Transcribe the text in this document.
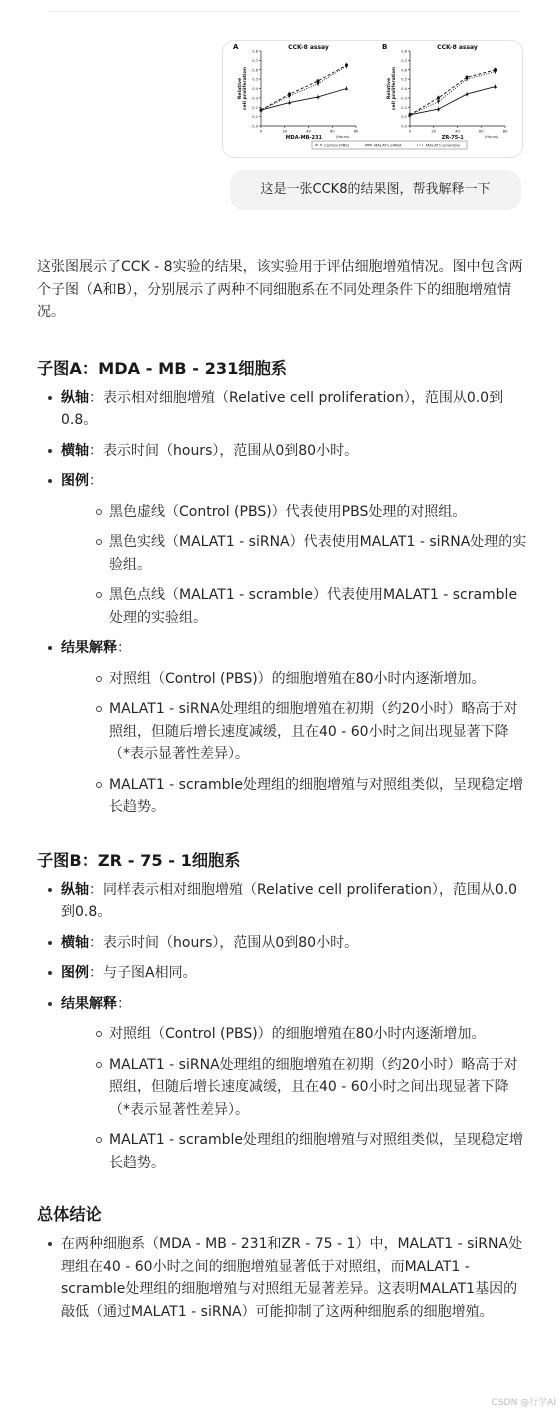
A	CCK-8 assay
0.0
0.1
0.2
0.3
0.4
0.5
0.6
0.7
0.8
0	20	40	60	80
Relative cell proliferation
MDA-MB-231	(Hours)
B	CCK-8 assay
0.0
0.1
0.2
0.3
0.4
0.5
0.6
0.7
0.8
0	20	40	60	80
Relative cell proliferation
ZR-75-1	(Hours)
Control (PBS)	MALAT1-siRNA	MALAT1-scramble
这是一张CCK8的结果图，帮我解释一下

这张图展示了CCK - 8实验的结果，该实验用于评估细胞增殖情况。图中包含两个子图（A和B），分别展示了两种不同细胞系在不同处理条件下的细胞增殖情况。

子图A：MDA - MB - 231细胞系
纵轴：表示相对细胞增殖（Relative cell proliferation），范围从0.0到0.8。
横轴：表示时间（hours），范围从0到80小时。
图例：
黑色虚线（Control (PBS)）代表使用PBS处理的对照组。
黑色实线（MALAT1 - siRNA）代表使用MALAT1 - siRNA处理的实验组。
黑色点线（MALAT1 - scramble）代表使用MALAT1 - scramble处理的实验组。
结果解释：
对照组（Control (PBS)）的细胞增殖在80小时内逐渐增加。
MALAT1 - siRNA处理组的细胞增殖在初期（约20小时）略高于对照组，但随后增长速度减缓，且在40 - 60小时之间出现显著下降（*表示显著性差异）。
MALAT1 - scramble处理组的细胞增殖与对照组类似，呈现稳定增长趋势。
子图B：ZR - 75 - 1细胞系
纵轴：同样表示相对细胞增殖（Relative cell proliferation），范围从0.0到0.8。
横轴：表示时间（hours），范围从0到80小时。
图例：与子图A相同。
结果解释：
对照组（Control (PBS)）的细胞增殖在80小时内逐渐增加。
MALAT1 - siRNA处理组的细胞增殖在初期（约20小时）略高于对照组，但随后增长速度减缓，且在40 - 60小时之间出现显著下降（*表示显著性差异）。
MALAT1 - scramble处理组的细胞增殖与对照组类似，呈现稳定增长趋势。
总体结论
在两种细胞系（MDA - MB - 231和ZR - 75 - 1）中，MALAT1 - siRNA处理组在40 - 60小时之间的细胞增殖显著低于对照组，而MALAT1 - scramble处理组的细胞增殖与对照组无显著差异。这表明MALAT1基因的敲低（通过MALAT1 - siRNA）可能抑制了这两种细胞系的细胞增殖。
CSDN @行学AI
